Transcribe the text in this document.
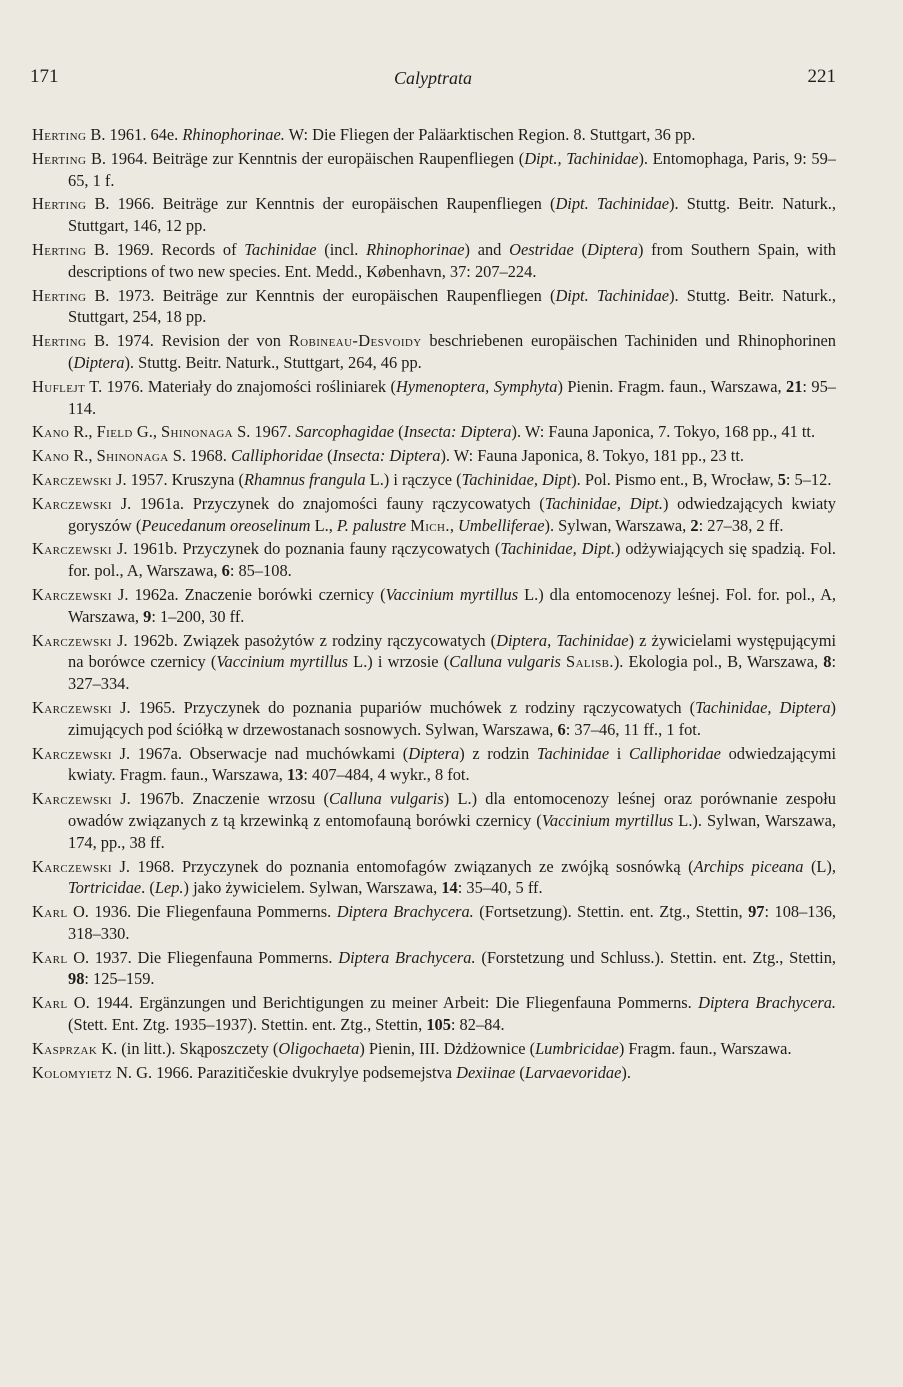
171	Calyptrata	221

Herting B. 1961. 64e. Rhinophorinae. W: Die Fliegen der Paläarktischen Region. 8. Stuttgart, 36 pp.

Herting B. 1964. Beiträge zur Kenntnis der europäischen Raupenfliegen (Dipt., Tachinidae). Entomophaga, Paris, 9: 59–65, 1 f.

Herting B. 1966. Beiträge zur Kenntnis der europäischen Raupenfliegen (Dipt. Tachinidae). Stuttg. Beitr. Naturk., Stuttgart, 146, 12 pp.

Herting B. 1969. Records of Tachinidae (incl. Rhinophorinae) and Oestridae (Diptera) from Southern Spain, with descriptions of two new species. Ent. Medd., København, 37: 207–224.

Herting B. 1973. Beiträge zur Kenntnis der europäischen Raupenfliegen (Dipt. Tachinidae). Stuttg. Beitr. Naturk., Stuttgart, 254, 18 pp.

Herting B. 1974. Revision der von Robineau-Desvoidy beschriebenen europäischen Tachiniden und Rhinophorinen (Diptera). Stuttg. Beitr. Naturk., Stuttgart, 264, 46 pp.

Huflejt T. 1976. Materiały do znajomości rośliniarek (Hymenoptera, Symphyta) Pienin. Fragm. faun., Warszawa, 21: 95–114.

Kano R., Field G., Shinonaga S. 1967. Sarcophagidae (Insecta: Diptera). W: Fauna Japonica, 7. Tokyo, 168 pp., 41 tt.

Kano R., Shinonaga S. 1968. Calliphoridae (Insecta: Diptera). W: Fauna Japonica, 8. Tokyo, 181 pp., 23 tt.

Karczewski J. 1957. Kruszyna (Rhamnus frangula L.) i rączyce (Tachinidae, Dipt). Pol. Pismo ent., B, Wrocław, 5: 5–12.

Karczewski J. 1961a. Przyczynek do znajomości fauny rączycowatych (Tachinidae, Dipt.) odwiedzających kwiaty goryszów (Peucedanum oreoselinum L., P. palustre Mich., Umbelliferae). Sylwan, Warszawa, 2: 27–38, 2 ff.

Karczewski J. 1961b. Przyczynek do poznania fauny rączycowatych (Tachinidae, Dipt.) odżywiających się spadzią. Fol. for. pol., A, Warszawa, 6: 85–108.

Karczewski J. 1962a. Znaczenie borówki czernicy (Vaccinium myrtillus L.) dla entomocenozy leśnej. Fol. for. pol., A, Warszawa, 9: 1–200, 30 ff.

Karczewski J. 1962b. Związek pasożytów z rodziny rączycowatych (Diptera, Tachinidae) z żywicielami występującymi na borówce czernicy (Vaccinium myrtillus L.) i wrzosie (Calluna vulgaris Salisb.). Ekologia pol., B, Warszawa, 8: 327–334.

Karczewski J. 1965. Przyczynek do poznania pupariów muchówek z rodziny rączycowatych (Tachinidae, Diptera) zimujących pod ściółką w drzewostanach sosnowych. Sylwan, Warszawa, 6: 37–46, 11 ff., 1 fot.

Karczewski J. 1967a. Obserwacje nad muchówkami (Diptera) z rodzin Tachinidae i Calliphoridae odwiedzającymi kwiaty. Fragm. faun., Warszawa, 13: 407–484, 4 wykr., 8 fot.

Karczewski J. 1967b. Znaczenie wrzosu (Calluna vulgaris) L.) dla entomocenozy leśnej oraz porównanie zespołu owadów związanych z tą krzewinką z entomofauną borówki czernicy (Vaccinium myrtillus L.). Sylwan, Warszawa, 174, pp., 38 ff.

Karczewski J. 1968. Przyczynek do poznania entomofagów związanych ze zwójką sosnówką (Archips piceana (L), Tortricidae. (Lep.) jako żywicielem. Sylwan, Warszawa, 14: 35–40, 5 ff.

Karl O. 1936. Die Fliegenfauna Pommerns. Diptera Brachycera. (Fortsetzung). Stettin. ent. Ztg., Stettin, 97: 108–136, 318–330.

Karl O. 1937. Die Fliegenfauna Pommerns. Diptera Brachycera. (Forstetzung und Schluss.). Stettin. ent. Ztg., Stettin, 98: 125–159.

Karl O. 1944. Ergänzungen und Berichtigungen zu meiner Arbeit: Die Fliegenfauna Pommerns. Diptera Brachycera. (Stett. Ent. Ztg. 1935–1937). Stettin. ent. Ztg., Stettin, 105: 82–84.

Kasprzak K. (in litt.). Skąposzczety (Oligochaeta) Pienin, III. Dżdżownice (Lumbricidae) Fragm. faun., Warszawa.

Kolomyietz N. G. 1966. Parazitičeskie dvukrylye podsemejstva Dexiinae (Larvaevoridae).
